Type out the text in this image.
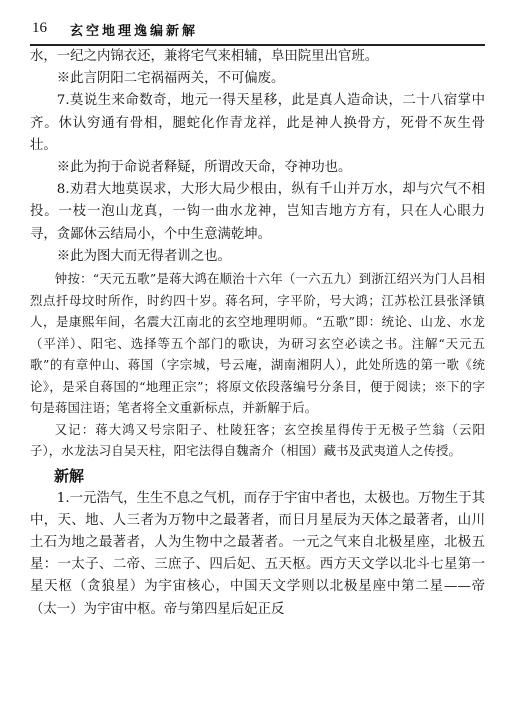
16 玄空地理逸编新解

水，一纪之内锦衣还，兼将宅气来相辅，阜田院里出官班。

※此言阴阳二宅祸福两关，不可偏废。

7.莫说生来命数奇，地元一得天星移，此是真人造命诀，二十八宿掌中齐。休认穷通有骨相，腿蛇化作青龙祥，此是神人换骨方，死骨不灰生骨壮。

※此为拘于命说者释疑，所谓改天命，夺神功也。

8.劝君大地莫误求，大形大局少根由，纵有千山并万水，却与穴气不相投。一枝一泡山龙真，一钩一曲水龙神，岂知吉地方方有，只在人心眼力寻，贪鄙休云结局小，个中生意满乾坤。

※此为图大而无得者训之也。

钟按：“天元五歌”是蒋大鸿在顺治十六年（一六五九）到浙江绍兴为门人吕相烈点扦母坟时所作，时约四十岁。蒋名珂，字平阶，号大鸿；江苏松江县张泽镇人，是康熙年间，名震大江南北的玄空地理明师。“五歌”即：统论、山龙、水龙（平洋）、阳宅、选择等五个部门的歌诀，为研习玄空必读之书。注解“天元五歌”的有章仲山、蒋国（字宗城，号云庵，湖南湘阴人），此处所选的第一歌《统论》，是采自蒋国的“地理正宗”；将原文依段落编号分条目，便于阅读；※下的字句是蒋国注语；笔者将全文重新标点，并新解于后。

又记：蒋大鸿又号宗阳子、杜陵狂客；玄空挨星得传于无极子竺翁（云阳子），水龙法习自吴天柱，阳宅法得自魏斋介（相国）藏书及武夷道人之传授。

新解

1.一元浩气，生生不息之气机，而存于宇宙中者也，太极也。万物生于其中，天、地、人三者为万物中之最著者，而日月星辰为天体之最著者，山川土石为地之最著者，人为生物中之最著者。一元之气来自北极星座，北极五星：一太子、二帝、三庶子、四后妃、五天枢。西方天文学以北斗七星第一星天枢（贪狼星）为宇宙核心，中国天文学则以北极星座中第二星——帝（太一）为宇宙中枢。帝与第四星后妃正反
